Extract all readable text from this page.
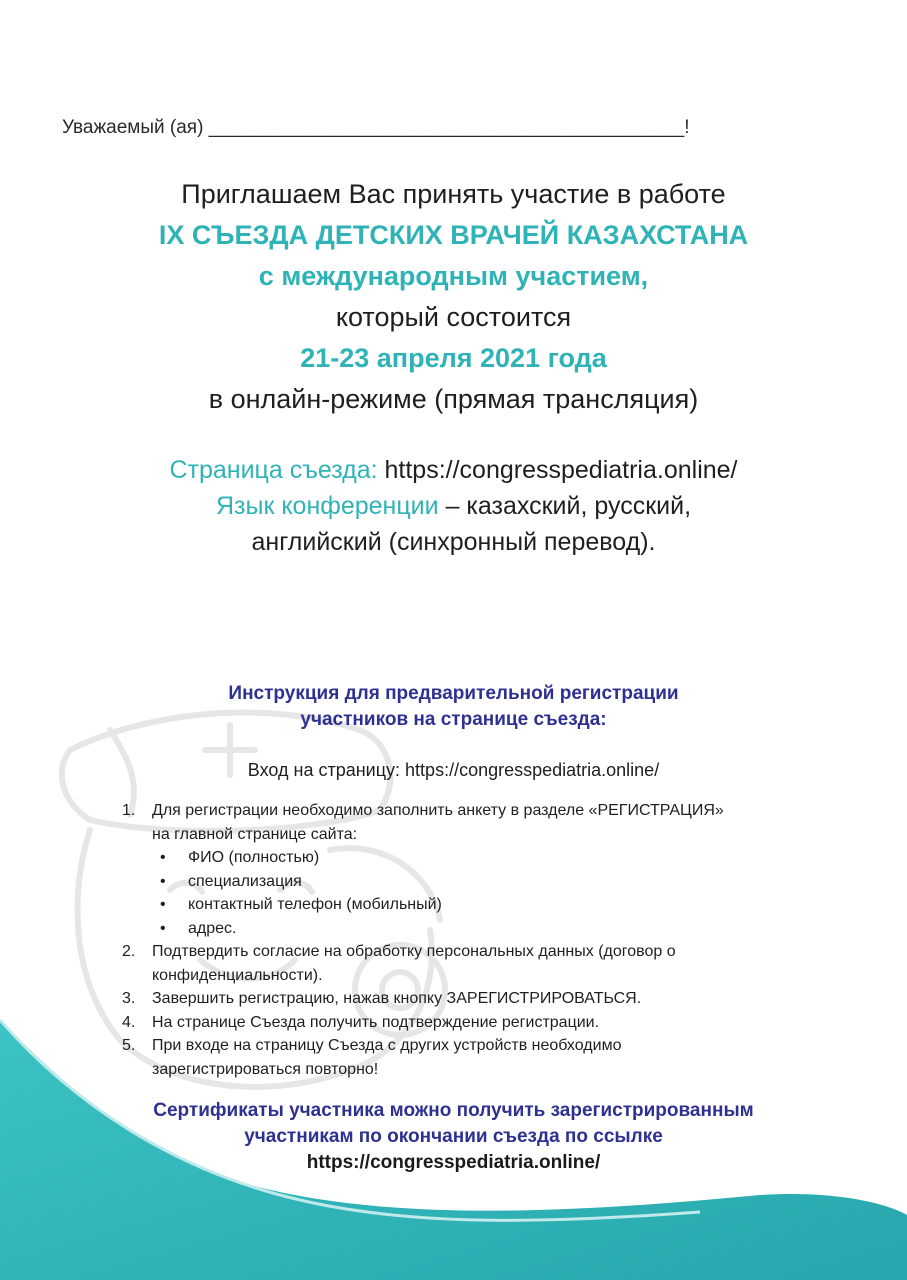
Уважаемый (ая) _____________________________________________!
Приглашаем Вас принять участие в работе
IX СЪЕЗДА ДЕТСКИХ ВРАЧЕЙ КАЗАХСТАНА
с международным участием,
который состоится
21-23 апреля 2021 года
в онлайн-режиме (прямая трансляция)
Страница съезда: https://congresspediatria.online/
Язык конференции – казахский, русский,
английский (синхронный перевод).
Инструкция для предварительной регистрации
участников на странице съезда:
Вход на страницу: https://congresspediatria.online/
1.	Для регистрации необходимо заполнить анкету в разделе «РЕГИСТРАЦИЯ»
на главной странице сайта:
• ФИО (полностью)
• специализация
• контактный телефон (мобильный)
• адрес.
2.	Подтвердить согласие на обработку персональных данных (договор о
конфиденциальности).
3.	Завершить регистрацию, нажав кнопку ЗАРЕГИСТРИРОВАТЬСЯ.
4.	На странице Съезда получить подтверждение регистрации.
5.	При входе на страницу Съезда с других устройств необходимо
зарегистрироваться повторно!
Сертификаты участника можно получить зарегистрированным
участникам по окончании съезда по ссылке
https://congresspediatria.online/
